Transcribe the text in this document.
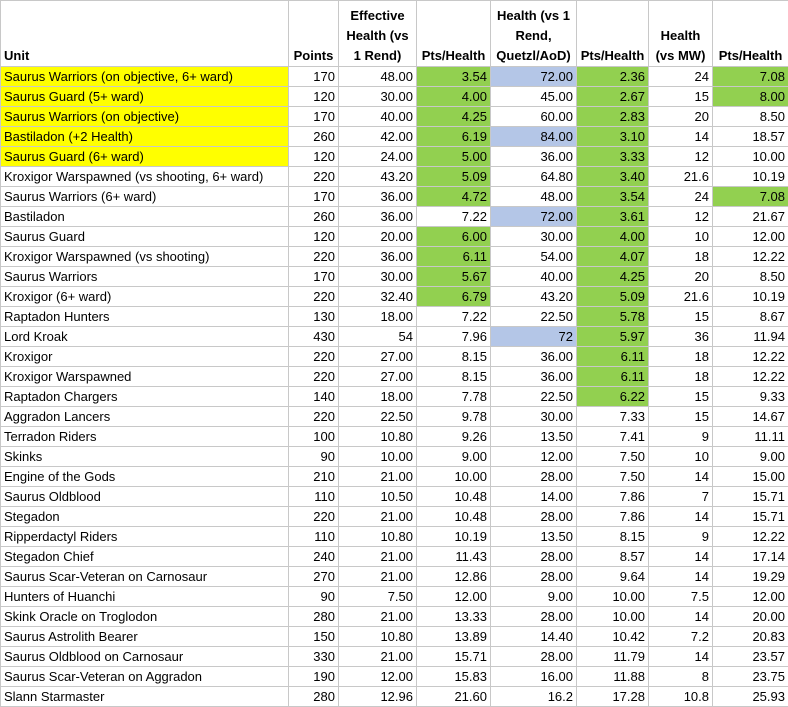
Unit	Points	Effective Health (vs 1 Rend)	Pts/Health	Health (vs 1 Rend, Quetzl/AoD)	Pts/Health	Health (vs MW)	Pts/Health
Saurus Warriors (on objective, 6+ ward)	170	48.00	3.54	72.00	2.36	24	7.08
Saurus Guard (5+ ward)	120	30.00	4.00	45.00	2.67	15	8.00
Saurus Warriors (on objective)	170	40.00	4.25	60.00	2.83	20	8.50
Bastiladon (+2 Health)	260	42.00	6.19	84.00	3.10	14	18.57
Saurus Guard (6+ ward)	120	24.00	5.00	36.00	3.33	12	10.00
Kroxigor Warspawned (vs shooting, 6+ ward)	220	43.20	5.09	64.80	3.40	21.6	10.19
Saurus Warriors (6+ ward)	170	36.00	4.72	48.00	3.54	24	7.08
Bastiladon	260	36.00	7.22	72.00	3.61	12	21.67
Saurus Guard	120	20.00	6.00	30.00	4.00	10	12.00
Kroxigor Warspawned (vs shooting)	220	36.00	6.11	54.00	4.07	18	12.22
Saurus Warriors	170	30.00	5.67	40.00	4.25	20	8.50
Kroxigor (6+ ward)	220	32.40	6.79	43.20	5.09	21.6	10.19
Raptadon Hunters	130	18.00	7.22	22.50	5.78	15	8.67
Lord Kroak	430	54	7.96	72	5.97	36	11.94
Kroxigor	220	27.00	8.15	36.00	6.11	18	12.22
Kroxigor Warspawned	220	27.00	8.15	36.00	6.11	18	12.22
Raptadon Chargers	140	18.00	7.78	22.50	6.22	15	9.33
Aggradon Lancers	220	22.50	9.78	30.00	7.33	15	14.67
Terradon Riders	100	10.80	9.26	13.50	7.41	9	11.11
Skinks	90	10.00	9.00	12.00	7.50	10	9.00
Engine of the Gods	210	21.00	10.00	28.00	7.50	14	15.00
Saurus Oldblood	110	10.50	10.48	14.00	7.86	7	15.71
Stegadon	220	21.00	10.48	28.00	7.86	14	15.71
Ripperdactyl Riders	110	10.80	10.19	13.50	8.15	9	12.22
Stegadon Chief	240	21.00	11.43	28.00	8.57	14	17.14
Saurus Scar-Veteran on Carnosaur	270	21.00	12.86	28.00	9.64	14	19.29
Hunters of Huanchi	90	7.50	12.00	9.00	10.00	7.5	12.00
Skink Oracle on Troglodon	280	21.00	13.33	28.00	10.00	14	20.00
Saurus Astrolith Bearer	150	10.80	13.89	14.40	10.42	7.2	20.83
Saurus Oldblood on Carnosaur	330	21.00	15.71	28.00	11.79	14	23.57
Saurus Scar-Veteran on Aggradon	190	12.00	15.83	16.00	11.88	8	23.75
Slann Starmaster	280	12.96	21.60	16.2	17.28	10.8	25.93
